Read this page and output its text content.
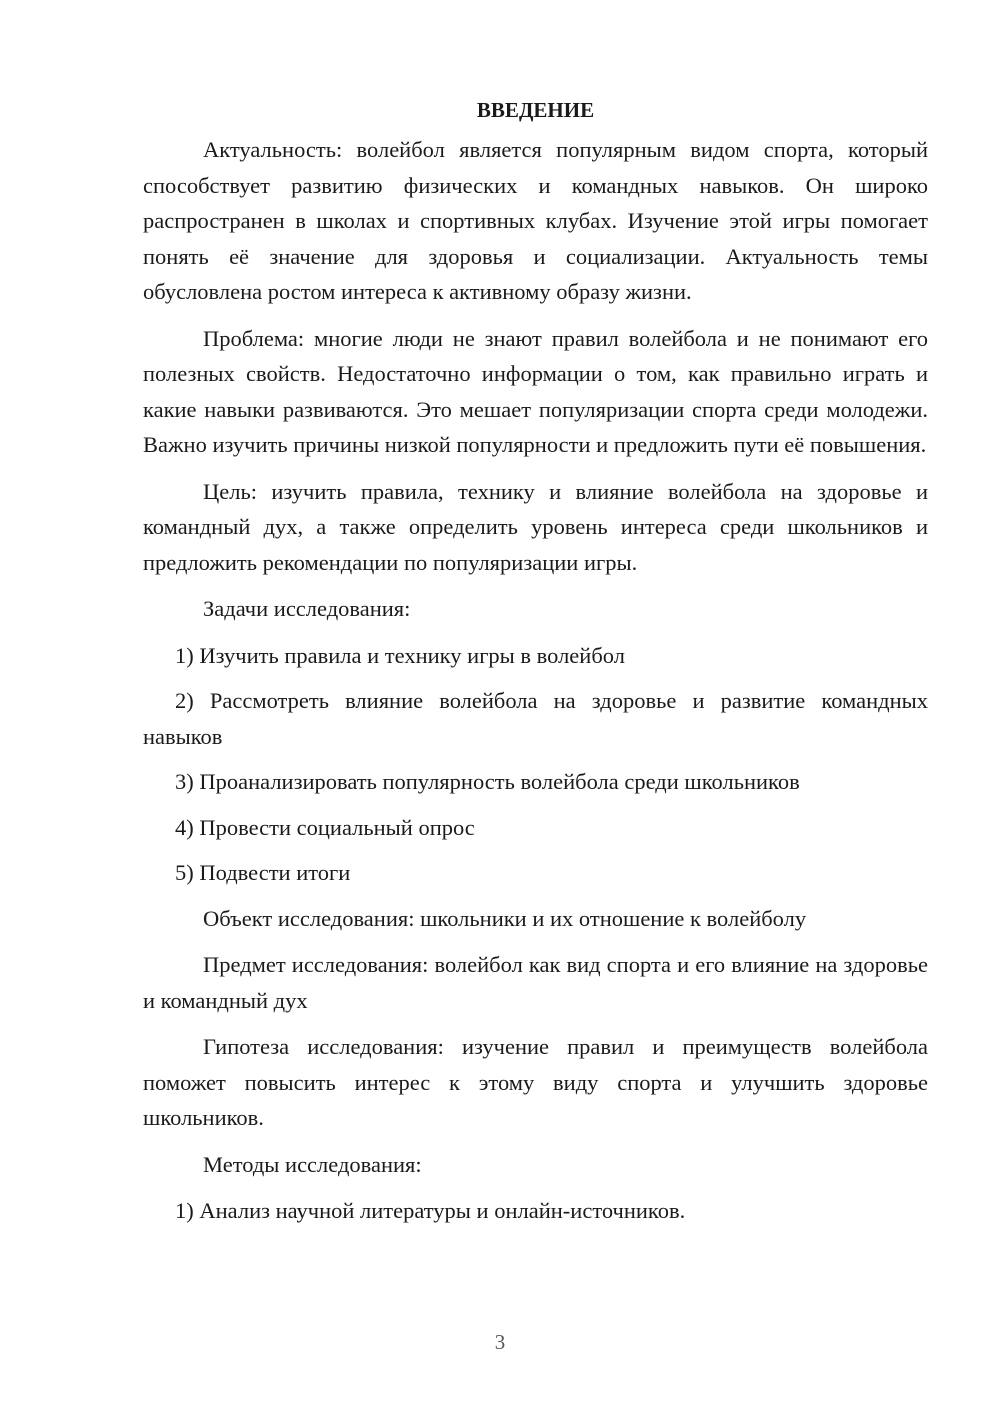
ВВЕДЕНИЕ

Актуальность: волейбол является популярным видом спорта, который способствует развитию физических и командных навыков. Он широко распространен в школах и спортивных клубах. Изучение этой игры помогает понять её значение для здоровья и социализации. Актуальность темы обусловлена ростом интереса к активному образу жизни.

Проблема: многие люди не знают правил волейбола и не понимают его полезных свойств. Недостаточно информации о том, как правильно играть и какие навыки развиваются. Это мешает популяризации спорта среди молодежи. Важно изучить причины низкой популярности и предложить пути её повышения.

Цель: изучить правила, технику и влияние волейбола на здоровье и командный дух, а также определить уровень интереса среди школьников и предложить рекомендации по популяризации игры.

Задачи исследования:

1) Изучить правила и технику игры в волейбол

2) Рассмотреть влияние волейбола на здоровье и развитие командных навыков

3) Проанализировать популярность волейбола среди школьников

4) Провести социальный опрос

5) Подвести итоги

Объект исследования: школьники и их отношение к волейболу

Предмет исследования: волейбол как вид спорта и его влияние на здоровье и командный дух

Гипотеза исследования: изучение правил и преимуществ волейбола поможет повысить интерес к этому виду спорта и улучшить здоровье школьников.

Методы исследования:

1) Анализ научной литературы и онлайн-источников.

3
